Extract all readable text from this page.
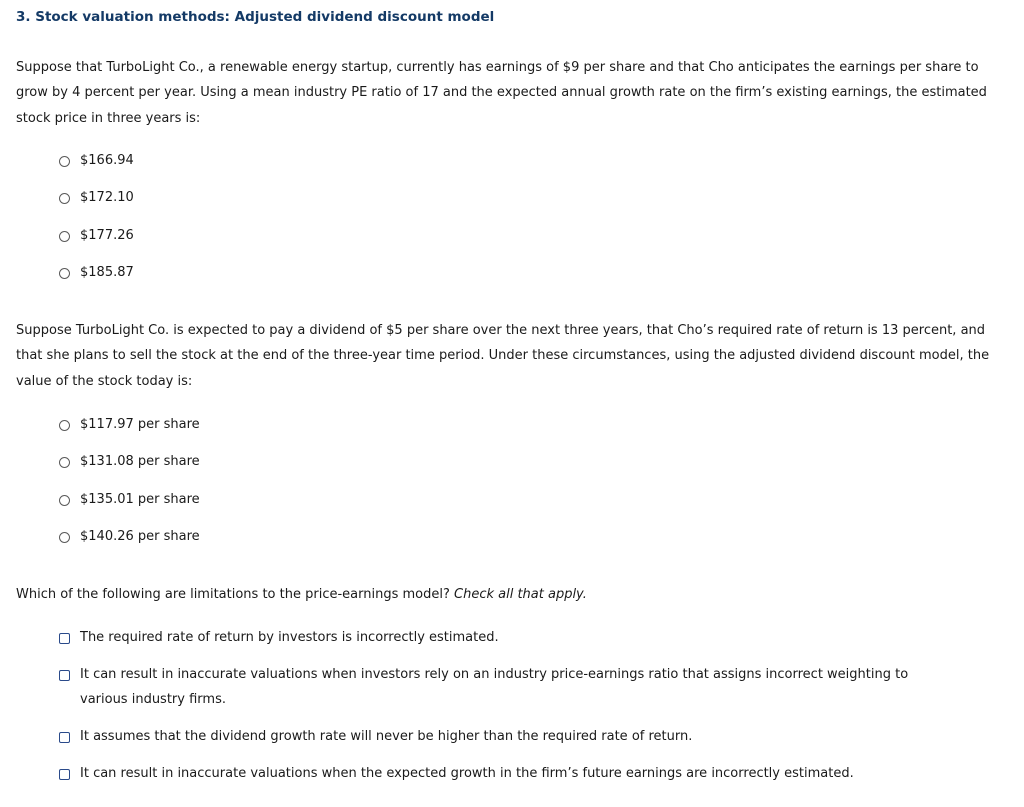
3. Stock valuation methods: Adjusted dividend discount model
Suppose that TurboLight Co., a renewable energy startup, currently has earnings of $9 per share and that Cho anticipates the earnings per share to grow by 4 percent per year. Using a mean industry PE ratio of 17 and the expected annual growth rate on the firm’s existing earnings, the estimated stock price in three years is:
$166.94
$172.10
$177.26
$185.87
Suppose TurboLight Co. is expected to pay a dividend of $5 per share over the next three years, that Cho’s required rate of return is 13 percent, and that she plans to sell the stock at the end of the three-year time period. Under these circumstances, using the adjusted dividend discount model, the value of the stock today is:
$117.97 per share
$131.08 per share
$135.01 per share
$140.26 per share
Which of the following are limitations to the price-earnings model? Check all that apply.
The required rate of return by investors is incorrectly estimated.
It can result in inaccurate valuations when investors rely on an industry price-earnings ratio that assigns incorrect weighting to various industry firms.
It assumes that the dividend growth rate will never be higher than the required rate of return.
It can result in inaccurate valuations when the expected growth in the firm’s future earnings are incorrectly estimated.
